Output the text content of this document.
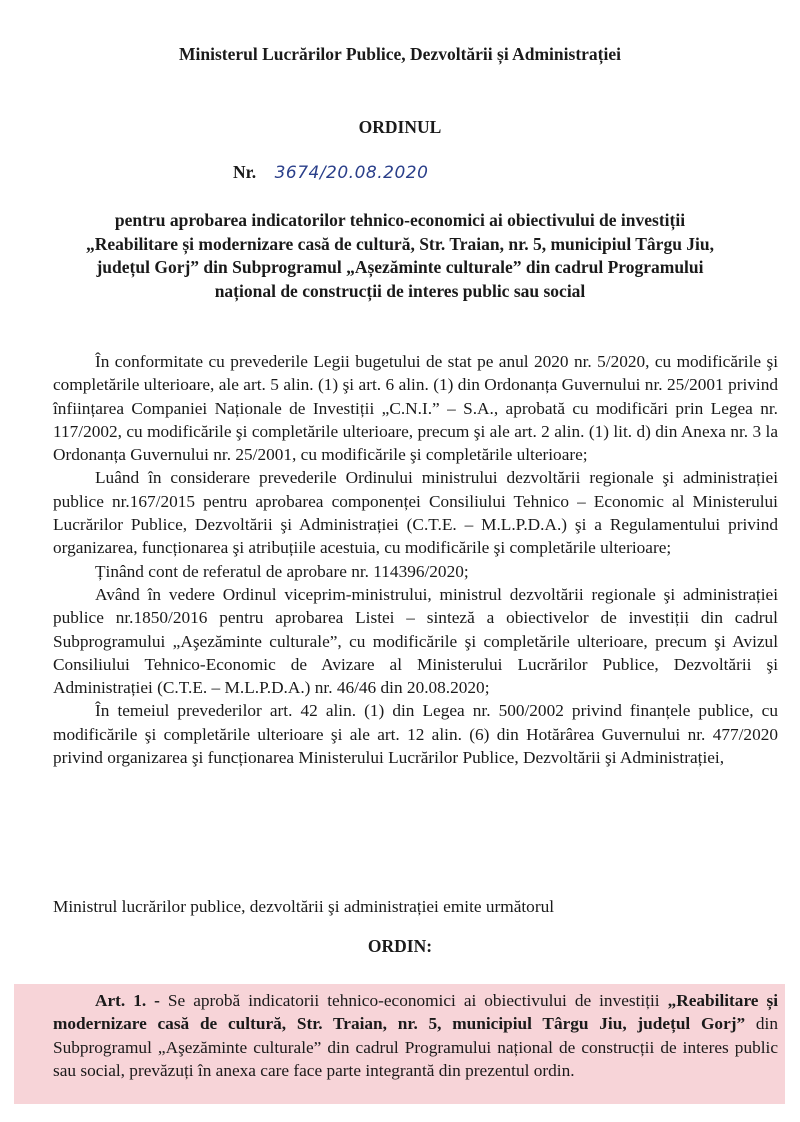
Ministerul Lucrărilor Publice, Dezvoltării și Administrației
ORDINUL
Nr. 3674/20.08.2020
pentru aprobarea indicatorilor tehnico-economici ai obiectivului de investiții
„Reabilitare și modernizare casă de cultură, Str. Traian, nr. 5, municipiul Târgu Jiu,
județul Gorj” din Subprogramul „Așezăminte culturale” din cadrul Programului
național de construcții de interes public sau social

În conformitate cu prevederile Legii bugetului de stat pe anul 2020 nr. 5/2020, cu modificările şi completările ulterioare, ale art. 5 alin. (1) şi art. 6 alin. (1) din Ordonanța Guvernului nr. 25/2001 privind înființarea Companiei Naționale de Investiții „C.N.I.” – S.A., aprobată cu modificări prin Legea nr. 117/2002, cu modificările şi completările ulterioare, precum şi ale art. 2 alin. (1) lit. d) din Anexa nr. 3 la Ordonanța Guvernului nr. 25/2001, cu modificările şi completările ulterioare;

Luând în considerare prevederile Ordinului ministrului dezvoltării regionale şi administrației publice nr.167/2015 pentru aprobarea componenței Consiliului Tehnico – Economic al Ministerului Lucrărilor Publice, Dezvoltării şi Administrației (C.T.E. – M.L.P.D.A.) şi a Regulamentului privind organizarea, funcționarea şi atribuțiile acestuia, cu modificările şi completările ulterioare;

Ținând cont de referatul de aprobare nr. 114396/2020;

Având în vedere Ordinul viceprim-ministrului, ministrul dezvoltării regionale şi administrației publice nr.1850/2016 pentru aprobarea Listei – sinteză a obiectivelor de investiții din cadrul Subprogramului „Aşezăminte culturale”, cu modificările şi completările ulterioare, precum şi Avizul Consiliului Tehnico-Economic de Avizare al Ministerului Lucrărilor Publice, Dezvoltării şi Administrației (C.T.E. – M.L.P.D.A.) nr. 46/46 din 20.08.2020;

În temeiul prevederilor art. 42 alin. (1) din Legea nr. 500/2002 privind finanțele publice, cu modificările şi completările ulterioare şi ale art. 12 alin. (6) din Hotărârea Guvernului nr. 477/2020 privind organizarea şi funcționarea Ministerului Lucrărilor Publice, Dezvoltării şi Administrației,

Ministrul lucrărilor publice, dezvoltării şi administrației emite următorul
ORDIN:
Art. 1. - Se aprobă indicatorii tehnico-economici ai obiectivului de investiții „Reabilitare și modernizare casă de cultură, Str. Traian, nr. 5, municipiul Târgu Jiu, județul Gorj” din Subprogramul „Aşezăminte culturale” din cadrul Programului național de construcții de interes public sau social, prevăzuți în anexa care face parte integrantă din prezentul ordin.
